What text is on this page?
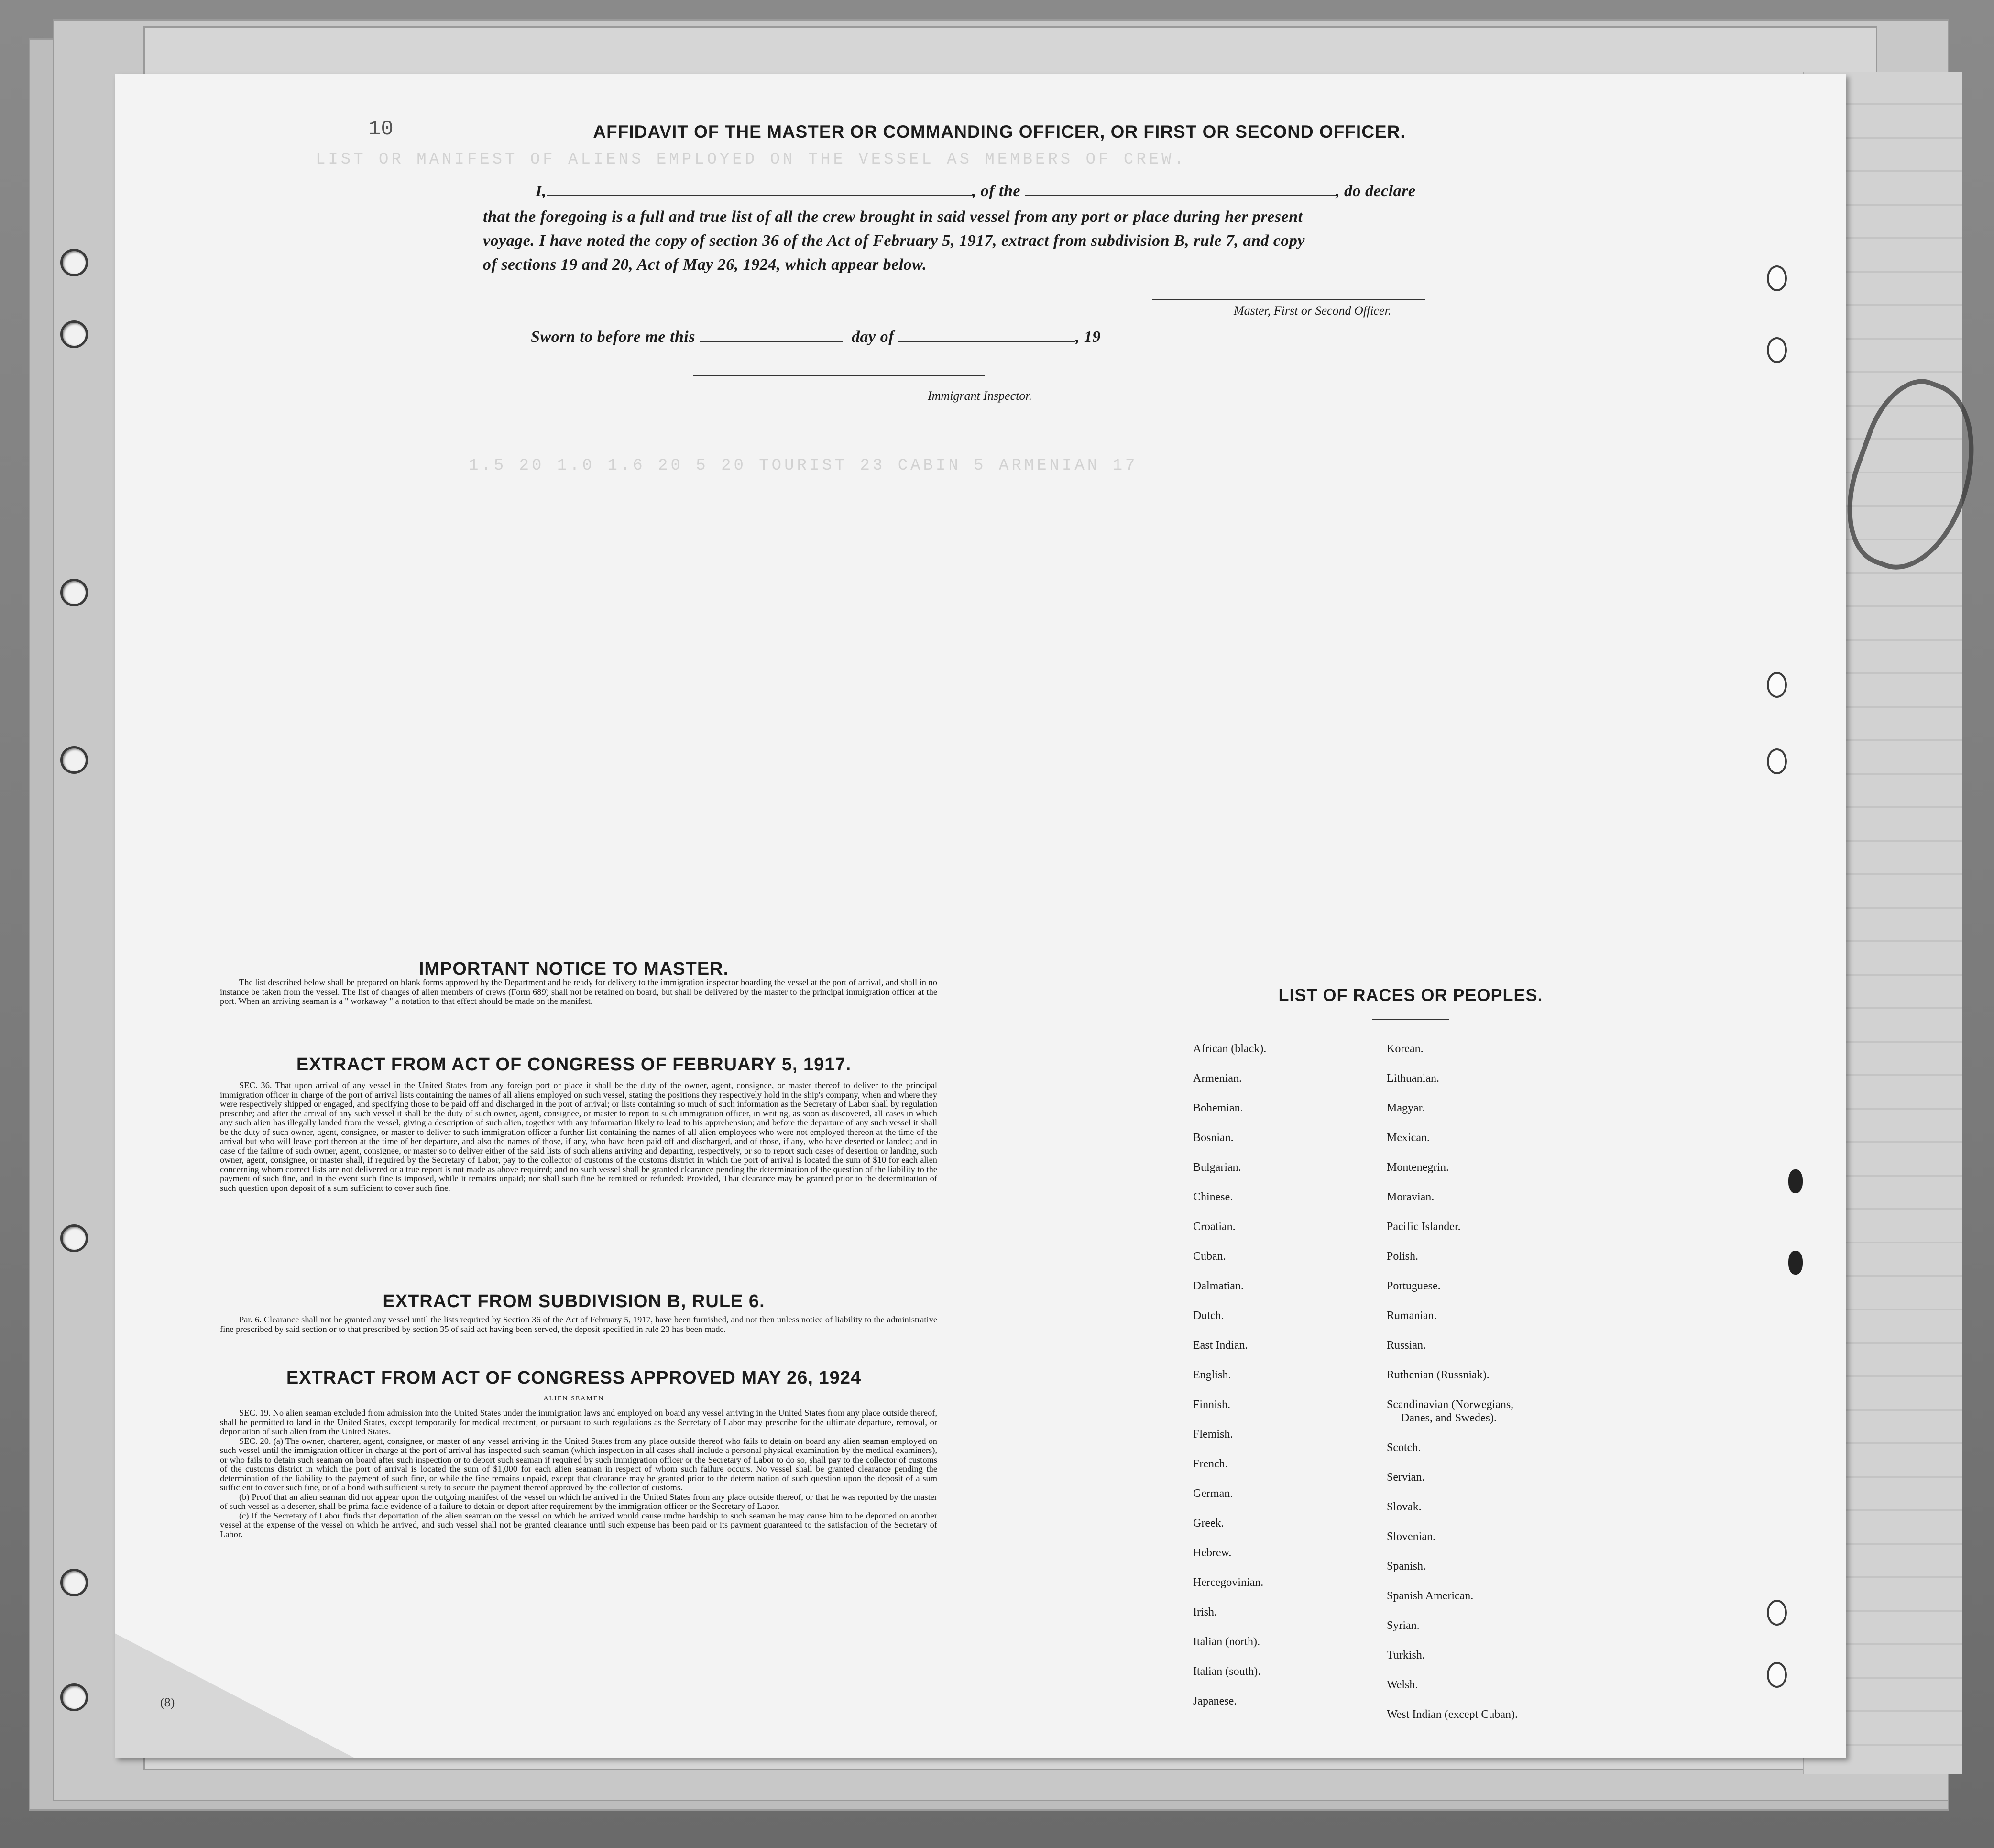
LIST OR MANIFEST OF ALIENS EMPLOYED ON THE VESSEL AS MEMBERS OF CREW.
1.5 20 1.0 1.6 20 5 20 TOURIST 23 CABIN 5 ARMENIAN 17
10
(8)
AFFIDAVIT OF THE MASTER OR COMMANDING OFFICER, OR FIRST OR SECOND OFFICER.
I,	, of the	, do declare
that the foregoing is a full and true list of all the crew brought in said vessel from any port or place during her present
voyage. I have noted the copy of section 36 of the Act of February 5, 1917, extract from subdivision B, rule 7, and copy
of sections 19 and 20, Act of May 26, 1924, which appear below.
Master, First or Second Officer.
Sworn to before me this	day of	, 19
Immigrant Inspector.
IMPORTANT NOTICE TO MASTER.

The list described below shall be prepared on blank forms approved by the Department and be ready for delivery to the immigration inspector boarding the vessel at the port of arrival, and shall in no instance be taken from the vessel. The list of changes of alien members of crews (Form 689) shall not be retained on board, but shall be delivered by the master to the principal immigration officer at the port. When an arriving seaman is a " workaway " a notation to that effect should be made on the manifest.

EXTRACT FROM ACT OF CONGRESS OF FEBRUARY 5, 1917.

SEC. 36. That upon arrival of any vessel in the United States from any foreign port or place it shall be the duty of the owner, agent, consignee, or master thereof to deliver to the principal immigration officer in charge of the port of arrival lists containing the names of all aliens employed on such vessel, stating the positions they respectively hold in the ship's company, when and where they were respectively shipped or engaged, and specifying those to be paid off and discharged in the port of arrival; or lists containing so much of such information as the Secretary of Labor shall by regulation prescribe; and after the arrival of any such vessel it shall be the duty of such owner, agent, consignee, or master to report to such immigration officer, in writing, as soon as discovered, all cases in which any such alien has illegally landed from the vessel, giving a description of such alien, together with any information likely to lead to his apprehension; and before the departure of any such vessel it shall be the duty of such owner, agent, consignee, or master to deliver to such immigration officer a further list containing the names of all alien employees who were not employed thereon at the time of the arrival but who will leave port thereon at the time of her departure, and also the names of those, if any, who have been paid off and discharged, and of those, if any, who have deserted or landed; and in case of the failure of such owner, agent, consignee, or master so to deliver either of the said lists of such aliens arriving and departing, respectively, or so to report such cases of desertion or landing, such owner, agent, consignee, or master shall, if required by the Secretary of Labor, pay to the collector of customs of the customs district in which the port of arrival is located the sum of $10 for each alien concerning whom correct lists are not delivered or a true report is not made as above required; and no such vessel shall be granted clearance pending the determination of the question of the liability to the payment of such fine, and in the event such fine is imposed, while it remains unpaid; nor shall such fine be remitted or refunded: Provided, That clearance may be granted prior to the determination of such question upon deposit of a sum sufficient to cover such fine.

EXTRACT FROM SUBDIVISION B, RULE 6.

Par. 6. Clearance shall not be granted any vessel until the lists required by Section 36 of the Act of February 5, 1917, have been furnished, and not then unless notice of liability to the administrative fine prescribed by said section or to that prescribed by section 35 of said act having been served, the deposit specified in rule 23 has been made.

EXTRACT FROM ACT OF CONGRESS APPROVED MAY 26, 1924
ALIEN SEAMEN

SEC. 19. No alien seaman excluded from admission into the United States under the immigration laws and employed on board any vessel arriving in the United States from any place outside thereof, shall be permitted to land in the United States, except temporarily for medical treatment, or pursuant to such regulations as the Secretary of Labor may prescribe for the ultimate departure, removal, or deportation of such alien from the United States.

SEC. 20. (a) The owner, charterer, agent, consignee, or master of any vessel arriving in the United States from any place outside thereof who fails to detain on board any alien seaman employed on such vessel until the immigration officer in charge at the port of arrival has inspected such seaman (which inspection in all cases shall include a personal physical examination by the medical examiners), or who fails to detain such seaman on board after such inspection or to deport such seaman if required by such immigration officer or the Secretary of Labor to do so, shall pay to the collector of customs of the customs district in which the port of arrival is located the sum of $1,000 for each alien seaman in respect of whom such failure occurs. No vessel shall be granted clearance pending the determination of the liability to the payment of such fine, or while the fine remains unpaid, except that clearance may be granted prior to the determination of such question upon the deposit of a sum sufficient to cover such fine, or of a bond with sufficient surety to secure the payment thereof approved by the collector of customs.

(b) Proof that an alien seaman did not appear upon the outgoing manifest of the vessel on which he arrived in the United States from any place outside thereof, or that he was reported by the master of such vessel as a deserter, shall be prima facie evidence of a failure to detain or deport after requirement by the immigration officer or the Secretary of Labor.

(c) If the Secretary of Labor finds that deportation of the alien seaman on the vessel on which he arrived would cause undue hardship to such seaman he may cause him to be deported on another vessel at the expense of the vessel on which he arrived, and such vessel shall not be granted clearance until such expense has been paid or its payment guaranteed to the satisfaction of the Secretary of Labor.

LIST OF RACES OR PEOPLES.
African (black).
Armenian.
Bohemian.
Bosnian.
Bulgarian.
Chinese.
Croatian.
Cuban.
Dalmatian.
Dutch.
East Indian.
English.
Finnish.
Flemish.
French.
German.
Greek.
Hebrew.
Hercegovinian.
Irish.
Italian (north).
Italian (south).
Japanese.
Korean.
Lithuanian.
Magyar.
Mexican.
Montenegrin.
Moravian.
Pacific Islander.
Polish.
Portuguese.
Rumanian.
Russian.
Ruthenian (Russniak).
Scandinavian (Norwegians,
Danes, and Swedes).
Scotch.
Servian.
Slovak.
Slovenian.
Spanish.
Spanish American.
Syrian.
Turkish.
Welsh.
West Indian (except Cuban).
